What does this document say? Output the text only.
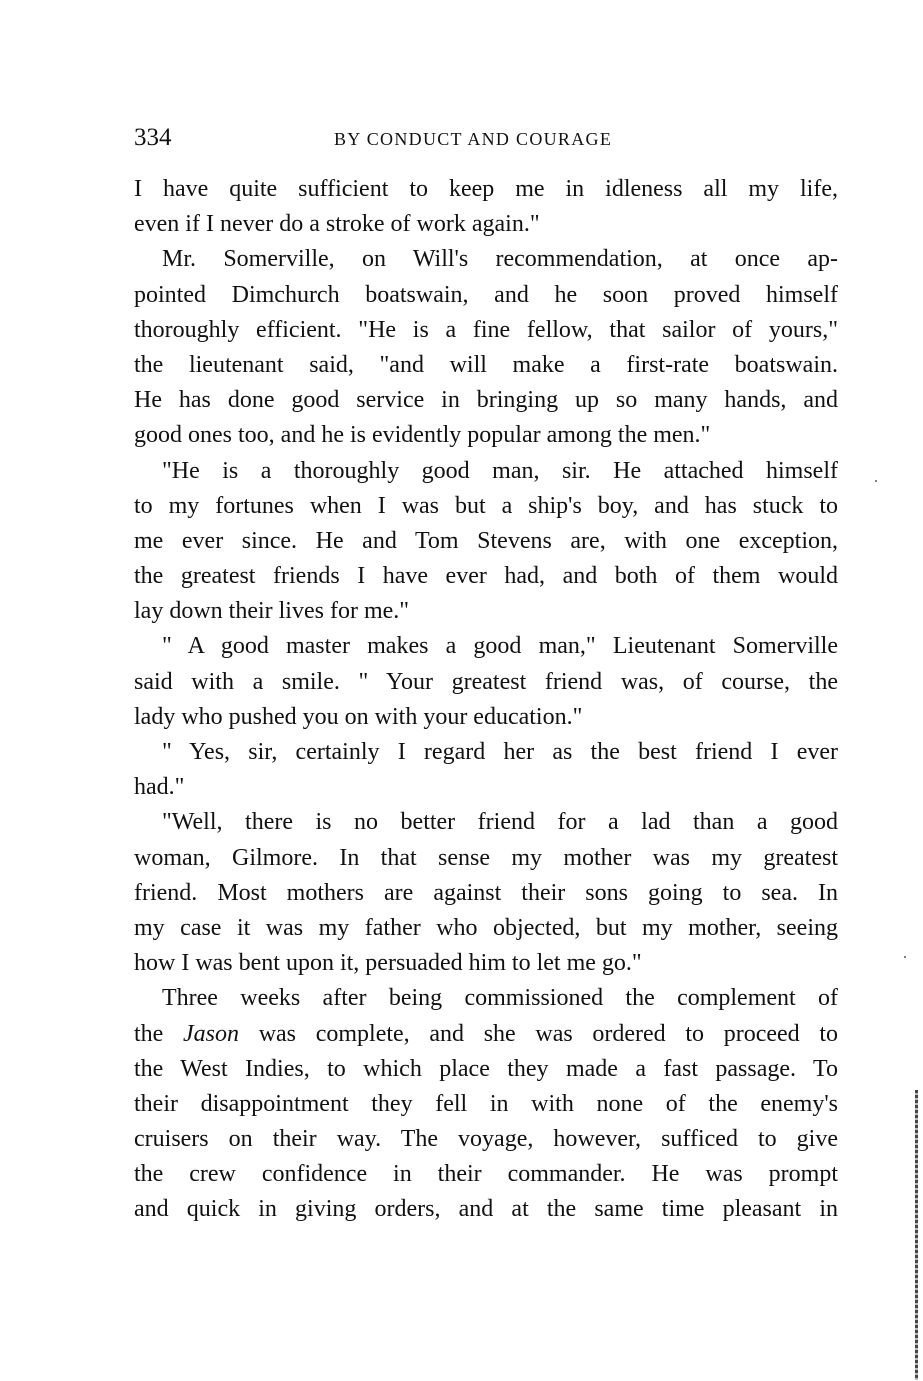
334	BY CONDUCT AND COURAGE
I have quite sufficient to keep me in idleness all my life,
even if I never do a stroke of work again."
Mr. Somerville, on Will's recommendation, at once ap-
pointed Dimchurch boatswain, and he soon proved himself
thoroughly efficient. "He is a fine fellow, that sailor of yours,"
the lieutenant said, "and will make a first-rate boatswain.
He has done good service in bringing up so many hands, and
good ones too, and he is evidently popular among the men."
"He is a thoroughly good man, sir. He attached himself
to my fortunes when I was but a ship's boy, and has stuck to
me ever since. He and Tom Stevens are, with one exception,
the greatest friends I have ever had, and both of them would
lay down their lives for me."
" A good master makes a good man," Lieutenant Somerville
said with a smile. " Your greatest friend was, of course, the
lady who pushed you on with your education."
" Yes, sir, certainly I regard her as the best friend I ever
had."
"Well, there is no better friend for a lad than a good
woman, Gilmore. In that sense my mother was my greatest
friend. Most mothers are against their sons going to sea. In
my case it was my father who objected, but my mother, seeing
how I was bent upon it, persuaded him to let me go."
Three weeks after being commissioned the complement of
the Jason was complete, and she was ordered to proceed to
the West Indies, to which place they made a fast passage. To
their disappointment they fell in with none of the enemy's
cruisers on their way. The voyage, however, sufficed to give
the crew confidence in their commander. He was prompt
and quick in giving orders, and at the same time pleasant in
